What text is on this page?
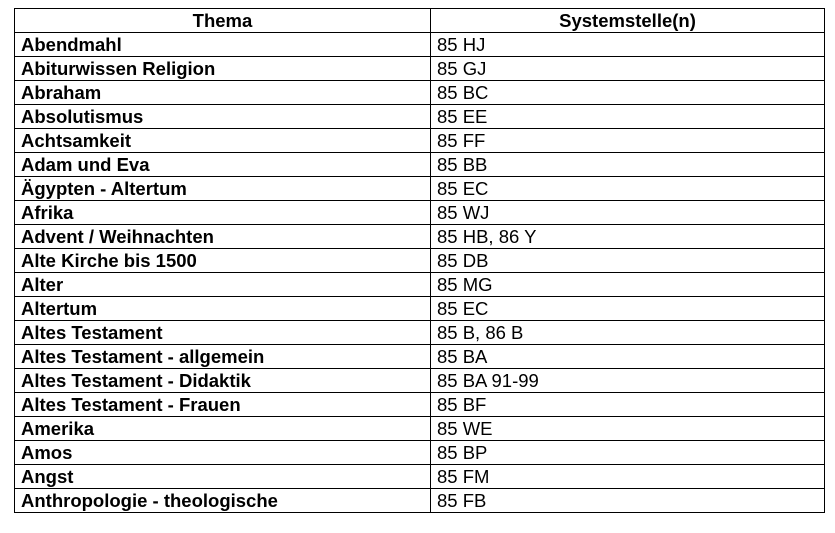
Thema	Systemstelle(n)
Abendmahl	85 HJ
Abiturwissen Religion	85 GJ
Abraham	85 BC
Absolutismus	85 EE
Achtsamkeit	85 FF
Adam und Eva	85 BB
Ägypten - Altertum	85 EC
Afrika	85 WJ
Advent / Weihnachten	85 HB, 86 Y
Alte Kirche bis 1500	85 DB
Alter	85 MG
Altertum	85 EC
Altes Testament	85 B, 86 B
Altes Testament - allgemein	85 BA
Altes Testament - Didaktik	85 BA 91-99
Altes Testament - Frauen	85 BF
Amerika	85 WE
Amos	85 BP
Angst	85 FM
Anthropologie - theologische	85 FB
